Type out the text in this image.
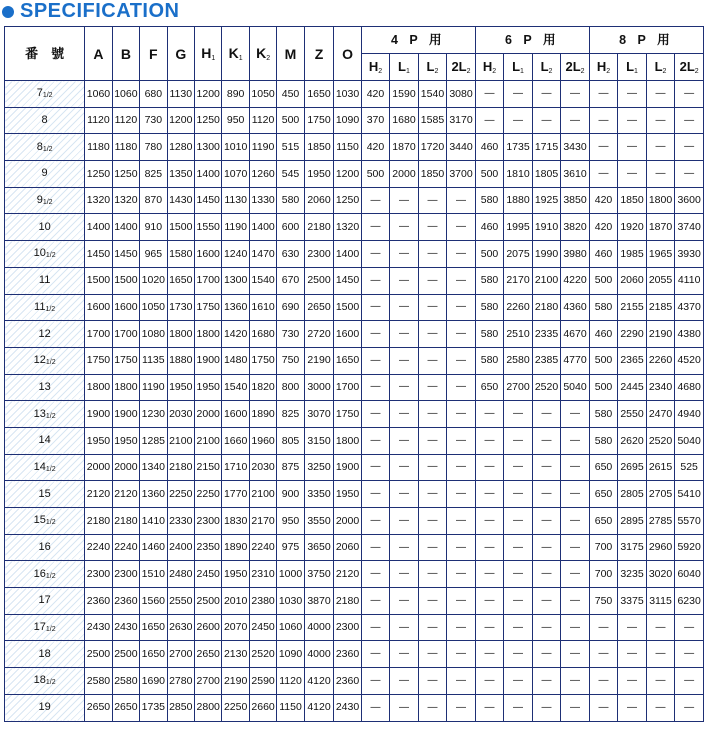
SPECIFICATION
番　號	A	B	F	G	$H_1$	$K_1$	$K_2$	M	Z	O	4 P 用				6 P 用				8 P 用			
											$H_2$	$L_1$	$L_2$	$2L_2$	$H_2$	$L_1$	$L_2$	$2L_2$	$H_2$	$L_1$	$L_2$	$2L_2$
71/2	1060	1060	680	1130	1200	890	1050	450	1650	1030	420	1590	1540	3080	—	—	—	—	—	—	—	—
8	1120	1120	730	1200	1250	950	1120	500	1750	1090	370	1680	1585	3170	—	—	—	—	—	—	—	—
81/2	1180	1180	780	1280	1300	1010	1190	515	1850	1150	420	1870	1720	3440	460	1735	1715	3430	—	—	—	—
9	1250	1250	825	1350	1400	1070	1260	545	1950	1200	500	2000	1850	3700	500	1810	1805	3610	—	—	—	—
91/2	1320	1320	870	1430	1450	1130	1330	580	2060	1250	—	—	—	—	580	1880	1925	3850	420	1850	1800	3600
10	1400	1400	910	1500	1550	1190	1400	600	2180	1320	—	—	—	—	460	1995	1910	3820	420	1920	1870	3740
101/2	1450	1450	965	1580	1600	1240	1470	630	2300	1400	—	—	—	—	500	2075	1990	3980	460	1985	1965	3930
11	1500	1500	1020	1650	1700	1300	1540	670	2500	1450	—	—	—	—	580	2170	2100	4220	500	2060	2055	4110
111/2	1600	1600	1050	1730	1750	1360	1610	690	2650	1500	—	—	—	—	580	2260	2180	4360	580	2155	2185	4370
12	1700	1700	1080	1800	1800	1420	1680	730	2720	1600	—	—	—	—	580	2510	2335	4670	460	2290	2190	4380
121/2	1750	1750	1135	1880	1900	1480	1750	750	2190	1650	—	—	—	—	580	2580	2385	4770	500	2365	2260	4520
13	1800	1800	1190	1950	1950	1540	1820	800	3000	1700	—	—	—	—	650	2700	2520	5040	500	2445	2340	4680
131/2	1900	1900	1230	2030	2000	1600	1890	825	3070	1750	—	—	—	—	—	—	—	—	580	2550	2470	4940
14	1950	1950	1285	2100	2100	1660	1960	805	3150	1800	—	—	—	—	—	—	—	—	580	2620	2520	5040
141/2	2000	2000	1340	2180	2150	1710	2030	875	3250	1900	—	—	—	—	—	—	—	—	650	2695	2615	525
15	2120	2120	1360	2250	2250	1770	2100	900	3350	1950	—	—	—	—	—	—	—	—	650	2805	2705	5410
151/2	2180	2180	1410	2330	2300	1830	2170	950	3550	2000	—	—	—	—	—	—	—	—	650	2895	2785	5570
16	2240	2240	1460	2400	2350	1890	2240	975	3650	2060	—	—	—	—	—	—	—	—	700	3175	2960	5920
161/2	2300	2300	1510	2480	2450	1950	2310	1000	3750	2120	—	—	—	—	—	—	—	—	700	3235	3020	6040
17	2360	2360	1560	2550	2500	2010	2380	1030	3870	2180	—	—	—	—	—	—	—	—	750	3375	3115	6230
171/2	2430	2430	1650	2630	2600	2070	2450	1060	4000	2300	—	—	—	—	—	—	—	—	—	—	—	—
18	2500	2500	1650	2700	2650	2130	2520	1090	4000	2360	—	—	—	—	—	—	—	—	—	—	—	—
181/2	2580	2580	1690	2780	2700	2190	2590	1120	4120	2360	—	—	—	—	—	—	—	—	—	—	—	—
19	2650	2650	1735	2850	2800	2250	2660	1150	4120	2430	—	—	—	—	—	—	—	—	—	—	—	—
